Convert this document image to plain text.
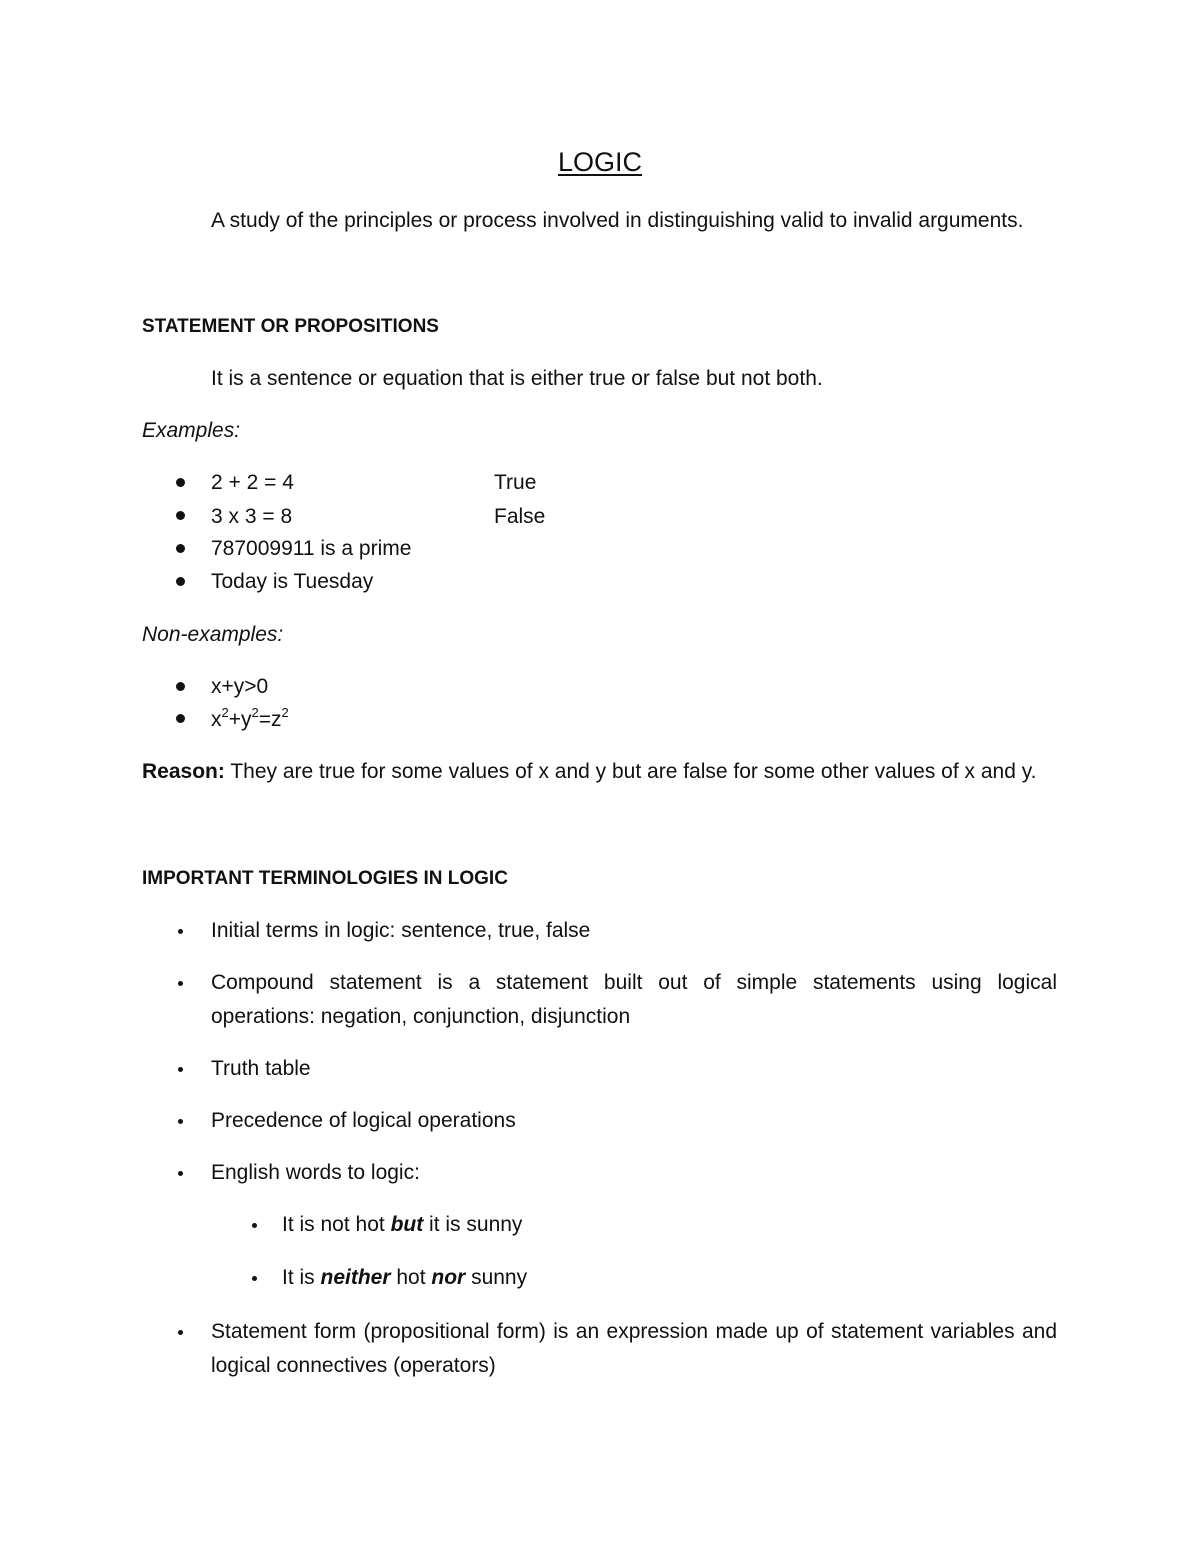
LOGIC
A study of the principles or process involved in distinguishing valid to invalid arguments.
STATEMENT OR PROPOSITIONS
It is a sentence or equation that is either true or false but not both.
Examples:
2 + 2 = 4	True
3 x 3 = 8	False
787009911 is a prime
Today is Tuesday
Non-examples:
x+y>0
$x^2+y^2=z^2$
Reason: They are true for some values of x and y but are false for some other values of x and y.
IMPORTANT TERMINOLOGIES IN LOGIC
Initial terms in logic: sentence, true, false
Compound statement is a statement built out of simple statements using logical operations: negation, conjunction, disjunction
Truth table
Precedence of logical operations
English words to logic:
It is not hot but it is sunny
It is neither hot nor sunny
Statement form (propositional form) is an expression made up of statement variables and logical connectives (operators)
